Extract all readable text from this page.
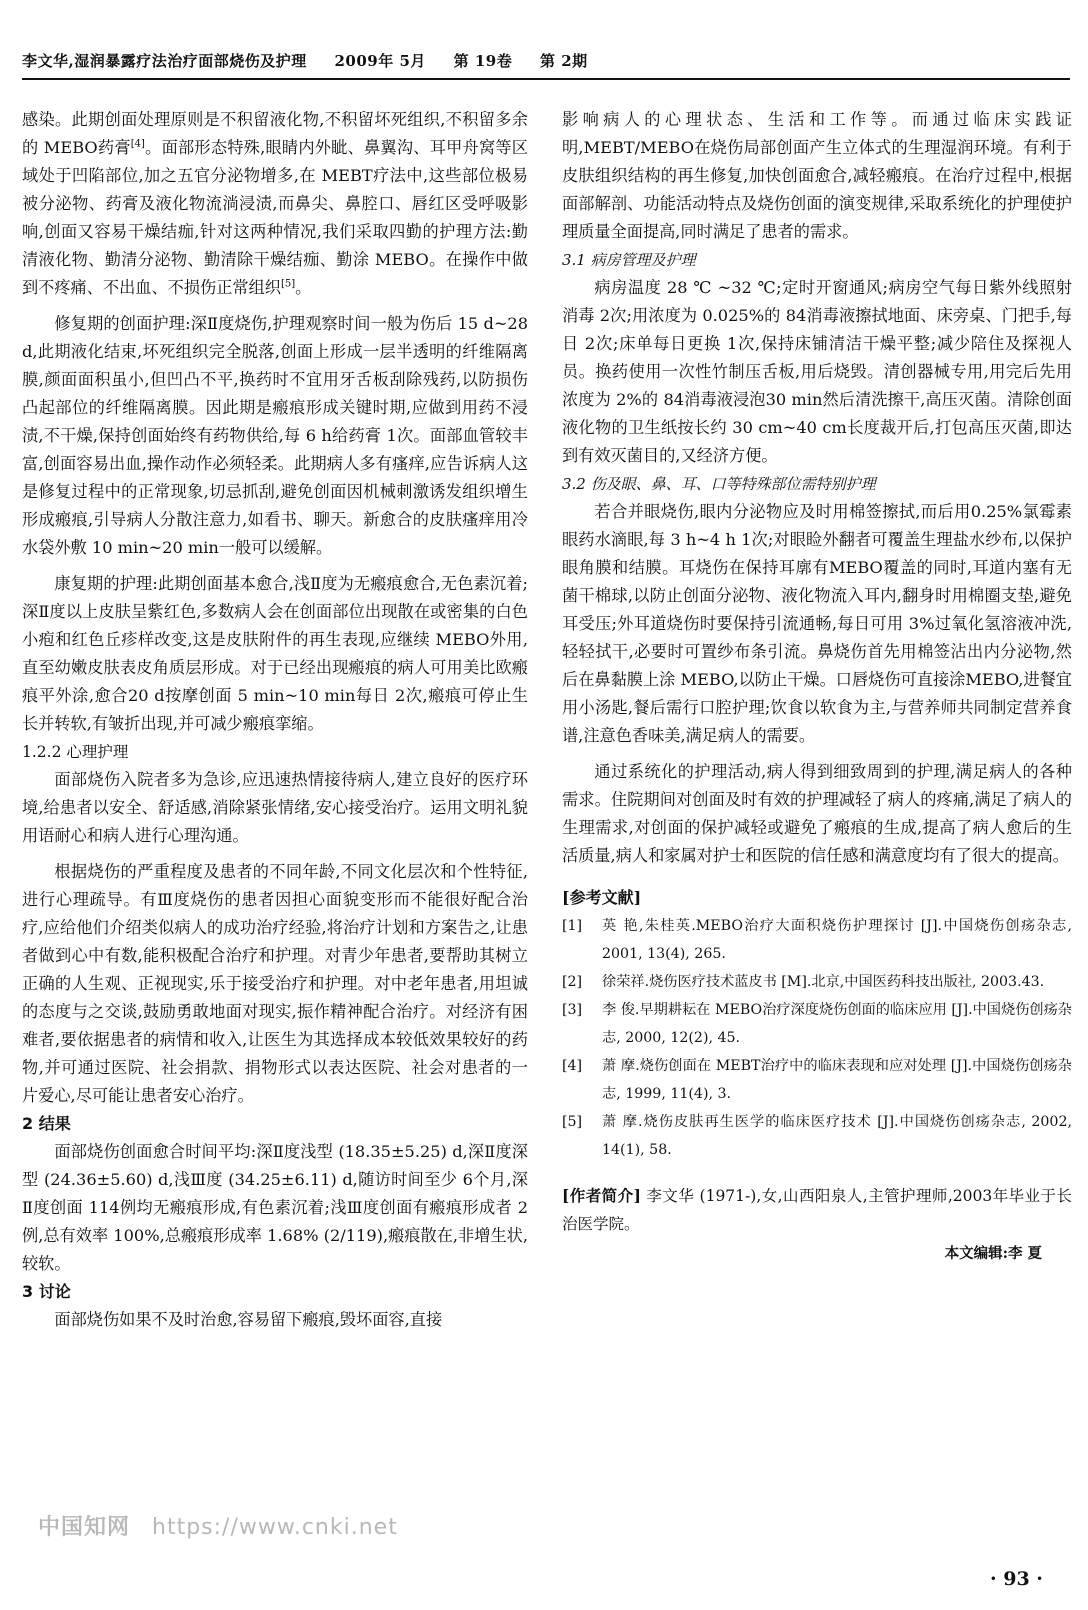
李文华,湿润暴露疗法治疗面部烧伤及护理 2009年 5月 第 19卷 第 2期

感染。此期创面处理原则是不积留液化物,不积留坏死组织,不积留多余的 MEBO药膏[4]。面部形态特殊,眼睛内外眦、鼻翼沟、耳甲舟窝等区域处于凹陷部位,加之五官分泌物增多,在 MEBT疗法中,这些部位极易被分泌物、药膏及液化物流淌浸渍,而鼻尖、鼻腔口、唇红区受呼吸影响,创面又容易干燥结痂,针对这两种情况,我们采取四勤的护理方法:勤清液化物、勤清分泌物、勤清除干燥结痂、勤涂 MEBO。在操作中做到不疼痛、不出血、不损伤正常组织[5]。

修复期的创面护理:深Ⅱ度烧伤,护理观察时间一般为伤后 15 d~28 d,此期液化结束,坏死组织完全脱落,创面上形成一层半透明的纤维隔离膜,颜面面积虽小,但凹凸不平,换药时不宜用牙舌板刮除残药,以防损伤凸起部位的纤维隔离膜。因此期是瘢痕形成关键时期,应做到用药不浸渍,不干燥,保持创面始终有药物供给,每 6 h给药膏 1次。面部血管较丰富,创面容易出血,操作动作必须轻柔。此期病人多有瘙痒,应告诉病人这是修复过程中的正常现象,切忌抓刮,避免创面因机械刺激诱发组织增生形成瘢痕,引导病人分散注意力,如看书、聊天。新愈合的皮肤瘙痒用冷水袋外敷 10 min~20 min一般可以缓解。

康复期的护理:此期创面基本愈合,浅Ⅱ度为无瘢痕愈合,无色素沉着;深Ⅱ度以上皮肤呈紫红色,多数病人会在创面部位出现散在或密集的白色小疱和红色丘疹样改变,这是皮肤附件的再生表现,应继续 MEBO外用,直至幼嫩皮肤表皮角质层形成。对于已经出现瘢痕的病人可用美比欧瘢痕平外涂,愈合20 d按摩创面 5 min~10 min每日 2次,瘢痕可停止生长并转软,有皱折出现,并可减少瘢痕挛缩。

1.2.2 心理护理

面部烧伤入院者多为急诊,应迅速热情接待病人,建立良好的医疗环境,给患者以安全、舒适感,消除紧张情绪,安心接受治疗。运用文明礼貌用语耐心和病人进行心理沟通。

根据烧伤的严重程度及患者的不同年龄,不同文化层次和个性特征,进行心理疏导。有Ⅲ度烧伤的患者因担心面貌变形而不能很好配合治疗,应给他们介绍类似病人的成功治疗经验,将治疗计划和方案告之,让患者做到心中有数,能积极配合治疗和护理。对青少年患者,要帮助其树立正确的人生观、正视现实,乐于接受治疗和护理。对中老年患者,用坦诚的态度与之交谈,鼓励勇敢地面对现实,振作精神配合治疗。对经济有困难者,要依据患者的病情和收入,让医生为其选择成本较低效果较好的药物,并可通过医院、社会捐款、捐物形式以表达医院、社会对患者的一片爱心,尽可能让患者安心治疗。

2 结果

面部烧伤创面愈合时间平均:深Ⅱ度浅型 (18.35±5.25) d,深Ⅱ度深型 (24.36±5.60) d,浅Ⅲ度 (34.25±6.11) d,随访时间至少 6个月,深Ⅱ度创面 114例均无瘢痕形成,有色素沉着;浅Ⅲ度创面有瘢痕形成者 2例,总有效率 100%,总瘢痕形成率 1.68% (2/119),瘢痕散在,非增生状,较软。

3 讨论

面部烧伤如果不及时治愈,容易留下瘢痕,毁坏面容,直接

影响病人的心理状态、生活和工作等。而通过临床实践证明,MEBT/MEBO在烧伤局部创面产生立体式的生理湿润环境。有利于皮肤组织结构的再生修复,加快创面愈合,减轻瘢痕。在治疗过程中,根据面部解剖、功能活动特点及烧伤创面的演变规律,采取系统化的护理使护理质量全面提高,同时满足了患者的需求。

3.1 病房管理及护理

病房温度 28 ℃ ~32 ℃;定时开窗通风;病房空气每日紫外线照射消毒 2次;用浓度为 0.025%的 84消毒液擦拭地面、床旁桌、门把手,每日 2次;床单每日更换 1次,保持床铺清洁干燥平整;减少陪住及探视人员。换药使用一次性竹制压舌板,用后烧毁。清创器械专用,用完后先用浓度为 2%的 84消毒液浸泡30 min然后清洗擦干,高压灭菌。清除创面液化物的卫生纸按长约 30 cm~40 cm长度裁开后,打包高压灭菌,即达到有效灭菌目的,又经济方便。

3.2 伤及眼、鼻、耳、口等特殊部位需特别护理

若合并眼烧伤,眼内分泌物应及时用棉签擦拭,而后用0.25%氯霉素眼药水滴眼,每 3 h~4 h 1次;对眼睑外翻者可覆盖生理盐水纱布,以保护眼角膜和结膜。耳烧伤在保持耳廓有MEBO覆盖的同时,耳道内塞有无菌干棉球,以防止创面分泌物、液化物流入耳内,翻身时用棉圈支垫,避免耳受压;外耳道烧伤时要保持引流通畅,每日可用 3%过氧化氢溶液冲洗,轻轻拭干,必要时可置纱布条引流。鼻烧伤首先用棉签沾出内分泌物,然后在鼻黏膜上涂 MEBO,以防止干燥。口唇烧伤可直接涂MEBO,进餐宜用小汤匙,餐后需行口腔护理;饮食以软食为主,与营养师共同制定营养食谱,注意色香味美,满足病人的需要。

通过系统化的护理活动,病人得到细致周到的护理,满足病人的各种需求。住院期间对创面及时有效的护理减轻了病人的疼痛,满足了病人的生理需求,对创面的保护减轻或避免了瘢痕的生成,提高了病人愈后的生活质量,病人和家属对护士和医院的信任感和满意度均有了很大的提高。

[参考文献]
[1]	英 艳,朱桂英.MEBO治疗大面积烧伤护理探讨 [J].中国烧伤创疡杂志, 2001, 13(4), 265.
[2]	徐荣祥.烧伤医疗技术蓝皮书 [M].北京,中国医药科技出版社, 2003.43.
[3]	李 俊.早期耕耘在 MEBO治疗深度烧伤创面的临床应用 [J].中国烧伤创疡杂志, 2000, 12(2), 45.
[4]	萧 摩.烧伤创面在 MEBT治疗中的临床表现和应对处理 [J].中国烧伤创疡杂志, 1999, 11(4), 3.
[5]	萧 摩.烧伤皮肤再生医学的临床医疗技术 [J].中国烧伤创疡杂志, 2002, 14(1), 58.
[作者简介] 李文华 (1971-),女,山西阳泉人,主管护理师,2003年毕业于长治医学院。
本文编辑:李 夏
中国知网 https://www.cnki.net
· 93 ·
